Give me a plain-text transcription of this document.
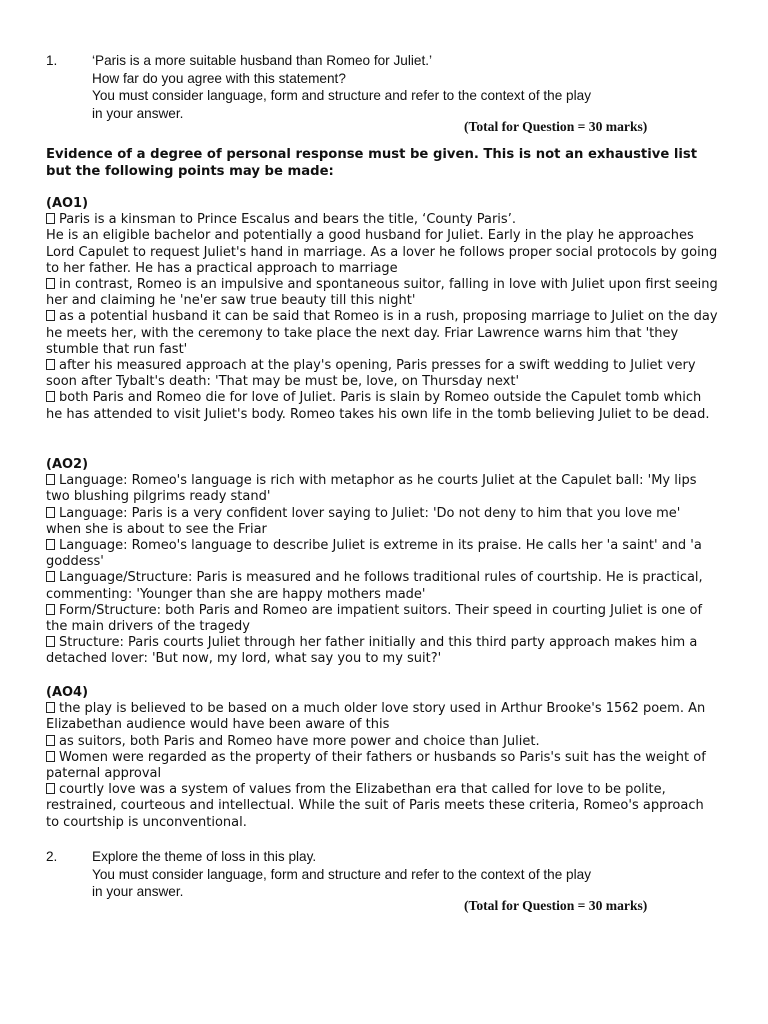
1.	‘Paris is a more suitable husband than Romeo for Juliet.’
How far do you agree with this statement?
You must consider language, form and structure and refer to the context of the play
in your answer.
(Total for Question = 30 marks)
Evidence of a degree of personal response must be given. This is not an exhaustive list but the following points may be made:

(AO1)

Paris is a kinsman to Prince Escalus and bears the title, ‘County Paris’.

He is an eligible bachelor and potentially a good husband for Juliet. Early in the play he approaches Lord Capulet to request Juliet's hand in marriage. As a lover he follows proper social protocols by going to her father. He has a practical approach to marriage

in contrast, Romeo is an impulsive and spontaneous suitor, falling in love with Juliet upon first seeing her and claiming he 'ne'er saw true beauty till this night'

as a potential husband it can be said that Romeo is in a rush, proposing marriage to Juliet on the day he meets her, with the ceremony to take place the next day. Friar Lawrence warns him that 'they stumble that run fast'

after his measured approach at the play's opening, Paris presses for a swift wedding to Juliet very soon after Tybalt's death: 'That may be must be, love, on Thursday next'

both Paris and Romeo die for love of Juliet. Paris is slain by Romeo outside the Capulet tomb which he has attended to visit Juliet's body. Romeo takes his own life in the tomb believing Juliet to be dead.

(AO2)

Language: Romeo's language is rich with metaphor as he courts Juliet at the Capulet ball: 'My lips two blushing pilgrims ready stand'

Language: Paris is a very confident lover saying to Juliet: 'Do not deny to him that you love me' when she is about to see the Friar

Language: Romeo's language to describe Juliet is extreme in its praise. He calls her 'a saint' and 'a goddess'

Language/Structure: Paris is measured and he follows traditional rules of courtship. He is practical, commenting: 'Younger than she are happy mothers made'

Form/Structure: both Paris and Romeo are impatient suitors. Their speed in courting Juliet is one of the main drivers of the tragedy

Structure: Paris courts Juliet through her father initially and this third party approach makes him a detached lover: 'But now, my lord, what say you to my suit?'

(AO4)

the play is believed to be based on a much older love story used in Arthur Brooke's 1562 poem. An Elizabethan audience would have been aware of this

as suitors, both Paris and Romeo have more power and choice than Juliet.

Women were regarded as the property of their fathers or husbands so Paris's suit has the weight of paternal approval

courtly love was a system of values from the Elizabethan era that called for love to be polite, restrained, courteous and intellectual. While the suit of Paris meets these criteria, Romeo's approach to courtship is unconventional.

2.	Explore the theme of loss in this play.
You must consider language, form and structure and refer to the context of the play
in your answer.
(Total for Question = 30 marks)
